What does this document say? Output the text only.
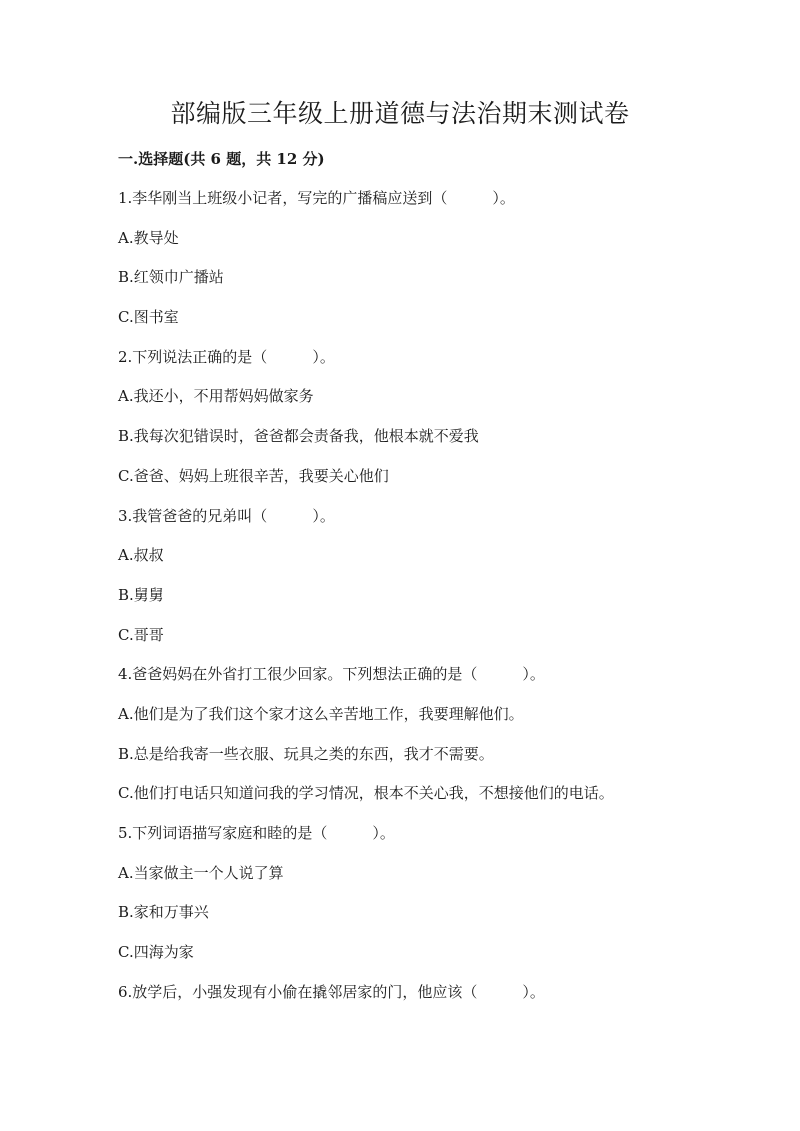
部编版三年级上册道德与法治期末测试卷
一.选择题(共 6 题，共 12 分)
1.李华刚当上班级小记者，写完的广播稿应送到（　　　）。
A.教导处
B.红领巾广播站
C.图书室
2.下列说法正确的是（　　　）。
A.我还小，不用帮妈妈做家务
B.我每次犯错误时，爸爸都会责备我，他根本就不爱我
C.爸爸、妈妈上班很辛苦，我要关心他们
3.我管爸爸的兄弟叫（　　　）。
A.叔叔
B.舅舅
C.哥哥
4.爸爸妈妈在外省打工很少回家。下列想法正确的是（　　　）。
A.他们是为了我们这个家才这么辛苦地工作，我要理解他们。
B.总是给我寄一些衣服、玩具之类的东西，我才不需要。
C.他们打电话只知道问我的学习情况，根本不关心我，不想接他们的电话。
5.下列词语描写家庭和睦的是（　　　）。
A.当家做主一个人说了算
B.家和万事兴
C.四海为家
6.放学后，小强发现有小偷在撬邻居家的门，他应该（　　　）。
